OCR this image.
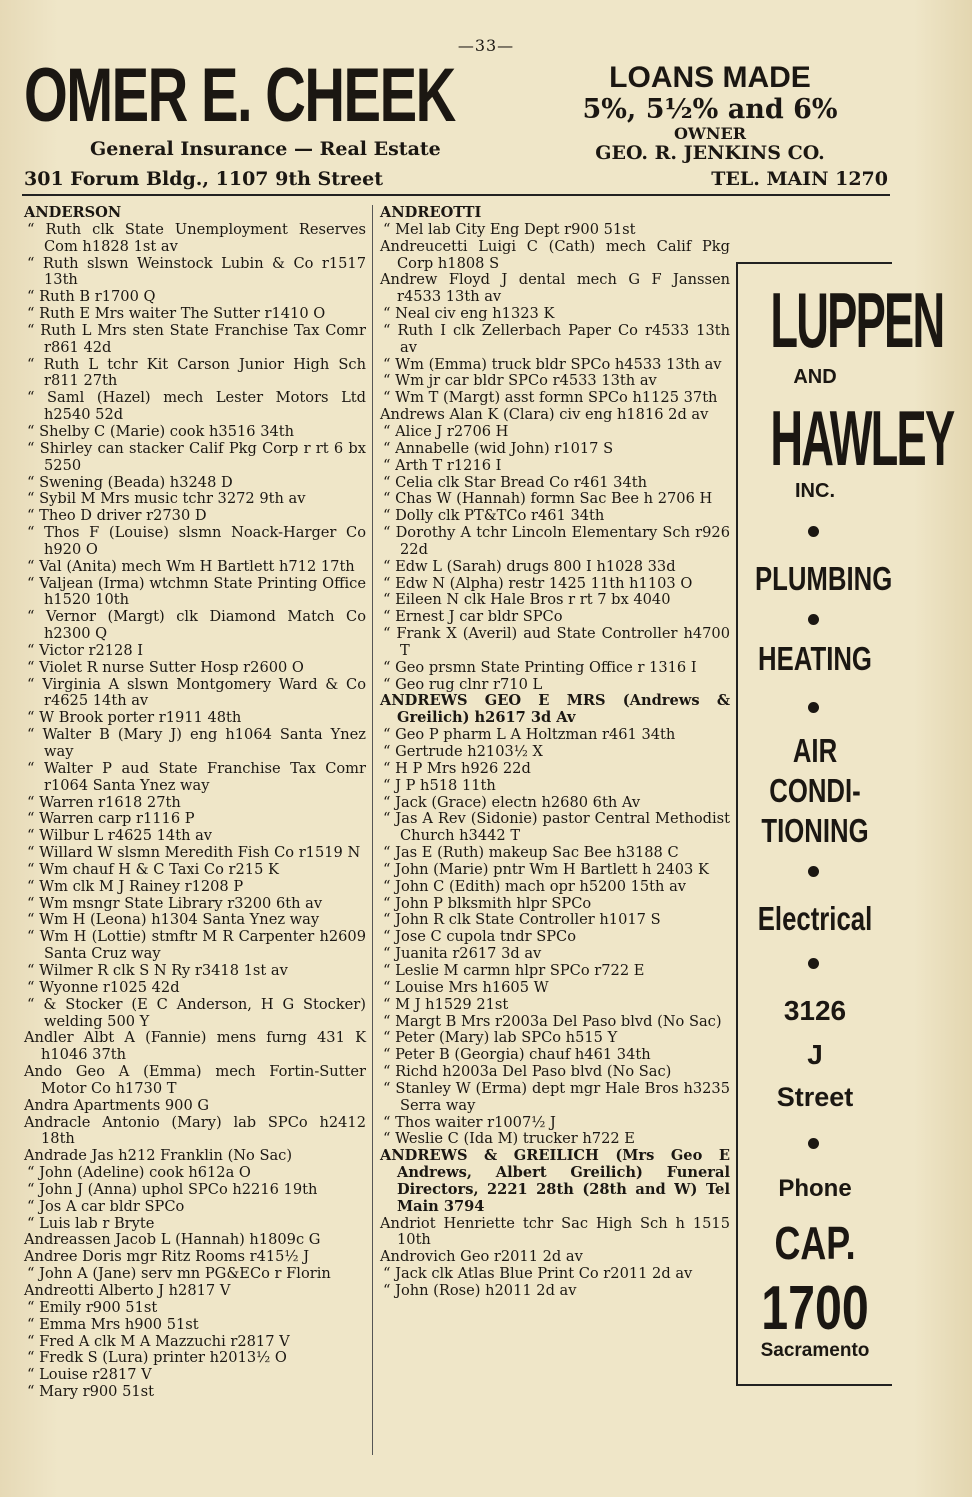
—33—
OMER E. CHEEK
General Insurance — Real Estate
301 Forum Bldg., 1107 9th Street
LOANS MADE
5%, 5½% and 6%
OWNER
GEO. R. JENKINS CO.
TEL. MAIN 1270
ANDERSON
“ Ruth clk State Unemployment Reserves Com h1828 1st av
“ Ruth slswn Weinstock Lubin & Co r1517 13th
“ Ruth B r1700 Q
“ Ruth E Mrs waiter The Sutter r1410 O
“ Ruth L Mrs sten State Franchise Tax Comr r861 42d
“ Ruth L tchr Kit Carson Junior High Sch r811 27th
“ Saml (Hazel) mech Lester Motors Ltd h2540 52d
“ Shelby C (Marie) cook h3516 34th
“ Shirley can stacker Calif Pkg Corp r rt 6 bx 5250
“ Swening (Beada) h3248 D
“ Sybil M Mrs music tchr 3272 9th av
“ Theo D driver r2730 D
“ Thos F (Louise) slsmn Noack-Harger Co h920 O
“ Val (Anita) mech Wm H Bartlett h712 17th
“ Valjean (Irma) wtchmn State Printing Office h1520 10th
“ Vernor (Margt) clk Diamond Match Co h2300 Q
“ Victor r2128 I
“ Violet R nurse Sutter Hosp r2600 O
“ Virginia A slswn Montgomery Ward & Co r4625 14th av
“ W Brook porter r1911 48th
“ Walter B (Mary J) eng h1064 Santa Ynez way
“ Walter P aud State Franchise Tax Comr r1064 Santa Ynez way
“ Warren r1618 27th
“ Warren carp r1116 P
“ Wilbur L r4625 14th av
“ Willard W slsmn Meredith Fish Co r1519 N
“ Wm chauf H & C Taxi Co r215 K
“ Wm clk M J Rainey r1208 P
“ Wm msngr State Library r3200 6th av
“ Wm H (Leona) h1304 Santa Ynez way
“ Wm H (Lottie) stmftr M R Carpenter h2609 Santa Cruz way
“ Wilmer R clk S N Ry r3418 1st av
“ Wyonne r1025 42d
“ & Stocker (E C Anderson, H G Stocker) welding 500 Y
Andler Albt A (Fannie) mens furng 431 K h1046 37th
Ando Geo A (Emma) mech Fortin-Sutter Motor Co h1730 T
Andra Apartments 900 G
Andracle Antonio (Mary) lab SPCo h2412 18th
Andrade Jas h212 Franklin (No Sac)
“ John (Adeline) cook h612a O
“ John J (Anna) uphol SPCo h2216 19th
“ Jos A car bldr SPCo
“ Luis lab r Bryte
Andreassen Jacob L (Hannah) h1809c G
Andree Doris mgr Ritz Rooms r415½ J
“ John A (Jane) serv mn PG&ECo r Florin
Andreotti Alberto J h2817 V
“ Emily r900 51st
“ Emma Mrs h900 51st
“ Fred A clk M A Mazzuchi r2817 V
“ Fredk S (Lura) printer h2013½ O
“ Louise r2817 V
“ Mary r900 51st
ANDREOTTI
“ Mel lab City Eng Dept r900 51st
Andreucetti Luigi C (Cath) mech Calif Pkg Corp h1808 S
Andrew Floyd J dental mech G F Janssen r4533 13th av
“ Neal civ eng h1323 K
“ Ruth I clk Zellerbach Paper Co r4533 13th av
“ Wm (Emma) truck bldr SPCo h4533 13th av
“ Wm jr car bldr SPCo r4533 13th av
“ Wm T (Margt) asst formn SPCo h1125 37th
Andrews Alan K (Clara) civ eng h1816 2d av
“ Alice J r2706 H
“ Annabelle (wid John) r1017 S
“ Arth T r1216 I
“ Celia clk Star Bread Co r461 34th
“ Chas W (Hannah) formn Sac Bee h 2706 H
“ Dolly clk PT&TCo r461 34th
“ Dorothy A tchr Lincoln Elementary Sch r926 22d
“ Edw L (Sarah) drugs 800 I h1028 33d
“ Edw N (Alpha) restr 1425 11th h1103 O
“ Eileen N clk Hale Bros r rt 7 bx 4040
“ Ernest J car bldr SPCo
“ Frank X (Averil) aud State Controller h4700 T
“ Geo prsmn State Printing Office r 1316 I
“ Geo rug clnr r710 L
ANDREWS GEO E MRS (Andrews & Greilich) h2617 3d Av
“ Geo P pharm L A Holtzman r461 34th
“ Gertrude h2103½ X
“ H P Mrs h926 22d
“ J P h518 11th
“ Jack (Grace) electn h2680 6th Av
“ Jas A Rev (Sidonie) pastor Central Methodist Church h3442 T
“ Jas E (Ruth) makeup Sac Bee h3188 C
“ John (Marie) pntr Wm H Bartlett h 2403 K
“ John C (Edith) mach opr h5200 15th av
“ John P blksmith hlpr SPCo
“ John R clk State Controller h1017 S
“ Jose C cupola tndr SPCo
“ Juanita r2617 3d av
“ Leslie M carmn hlpr SPCo r722 E
“ Louise Mrs h1605 W
“ M J h1529 21st
“ Margt B Mrs r2003a Del Paso blvd (No Sac)
“ Peter (Mary) lab SPCo h515 Y
“ Peter B (Georgia) chauf h461 34th
“ Richd h2003a Del Paso blvd (No Sac)
“ Stanley W (Erma) dept mgr Hale Bros h3235 Serra way
“ Thos waiter r1007½ J
“ Weslie C (Ida M) trucker h722 E
ANDREWS & GREILICH (Mrs Geo E Andrews, Albert Greilich) Funeral Directors, 2221 28th (28th and W) Tel Main 3794
Andriot Henriette tchr Sac High Sch h 1515 10th
Androvich Geo r2011 2d av
“ Jack clk Atlas Blue Print Co r2011 2d av
“ John (Rose) h2011 2d av
LUPPEN
AND
HAWLEY
INC.
PLUMBING
HEATING
AIR
CONDI-
TIONING
Electrical
3126
J
Street
Phone
CAP.
1700
Sacramento
